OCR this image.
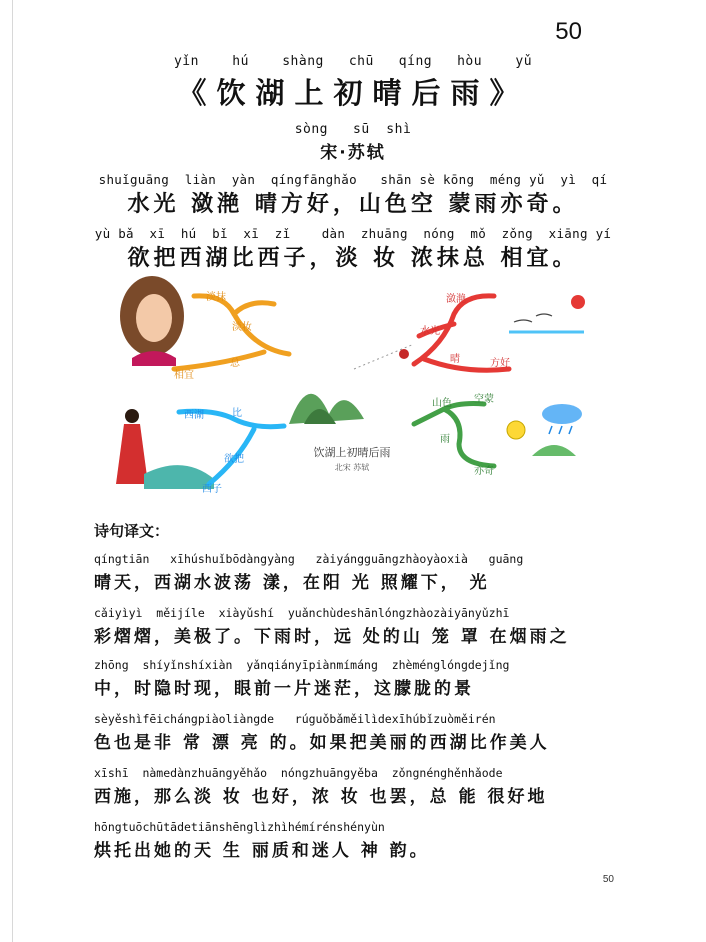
50
yǐn    hú    shàng   chū   qíng   hòu    yǔ
《饮湖上初晴后雨》
sòng   sū  shì
宋·苏轼
shuǐguāng  liàn  yàn  qíngfānghǎo   shān sè kōng  méng yǔ  yì  qí
水光 潋滟 晴方好，山色空 蒙雨亦奇。
yù bǎ  xī  hú  bǐ  xī  zǐ    dàn  zhuāng  nóng  mǒ  zǒng  xiāng yí
欲把西湖比西子，淡 妆 浓抹总 相宜。
淡抹
淡妆
总
相宜
西湖	比
欲把
西子
潋滟
水光
晴	方好
山色 空蒙
雨
亦奇
饮湖上初晴后雨
北宋 苏轼
诗句译文：
qíngtiān   xīhúshuǐbōdàngyàng   zàiyángguāngzhàoyàoxià   guāng
晴天，西湖水波荡 漾，在阳 光 照耀下， 光
cǎiyìyì  měijíle  xiàyǔshí  yuǎnchùdeshānlóngzhàozàiyānyǔzhī
彩熠熠，美极了。下雨时，远 处的山 笼 罩 在烟雨之
zhōng  shíyǐnshíxiàn  yǎnqiányīpiànmímáng  zhèménglóngdejǐng
中，时隐时现，眼前一片迷茫，这朦胧的景
sèyěshìfēichángpiàoliàngde   rúguǒbǎměilìdexīhúbǐzuòměirén
色也是非 常 漂 亮 的。如果把美丽的西湖比作美人
xīshī  nàmedànzhuāngyěhǎo  nóngzhuāngyěba  zǒngnénghěnhǎode
西施，那么淡 妆 也好，浓 妆 也罢，总 能 很好地
hōngtuōchūtādetiānshēnglìzhìhémírénshényùn
烘托出她的天 生 丽质和迷人 神 韵。
50
